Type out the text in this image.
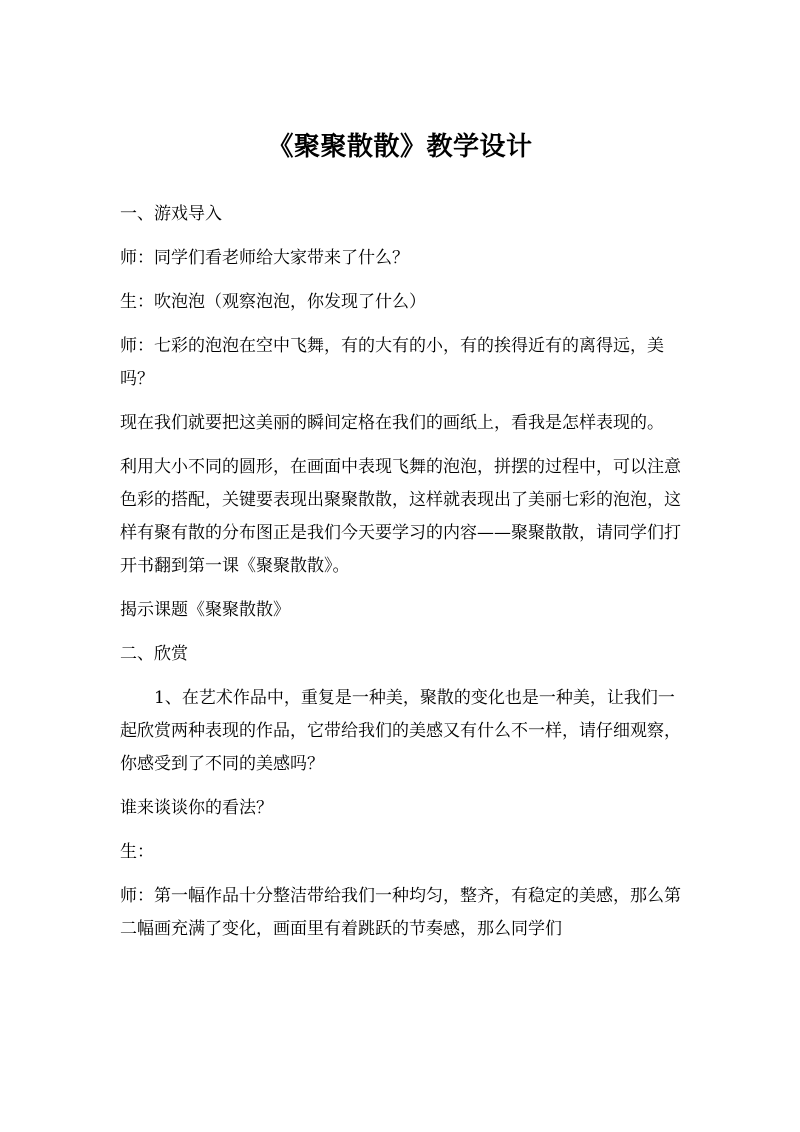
《聚聚散散》教学设计

一、游戏导入

师：同学们看老师给大家带来了什么？

生：吹泡泡（观察泡泡，你发现了什么）

师：七彩的泡泡在空中飞舞，有的大有的小，有的挨得近有的离得远，美吗？

现在我们就要把这美丽的瞬间定格在我们的画纸上，看我是怎样表现的。

利用大小不同的圆形，在画面中表现飞舞的泡泡，拼摆的过程中，可以注意色彩的搭配，关键要表现出聚聚散散，这样就表现出了美丽七彩的泡泡，这样有聚有散的分布图正是我们今天要学习的内容——聚聚散散，请同学们打开书翻到第一课《聚聚散散》。

揭示课题《聚聚散散》

二、欣赏

1、在艺术作品中，重复是一种美，聚散的变化也是一种美，让我们一起欣赏两种表现的作品，它带给我们的美感又有什么不一样，请仔细观察，你感受到了不同的美感吗？

谁来谈谈你的看法？

生：

师：第一幅作品十分整洁带给我们一种均匀，整齐，有稳定的美感，那么第二幅画充满了变化，画面里有着跳跃的节奏感，那么同学们
